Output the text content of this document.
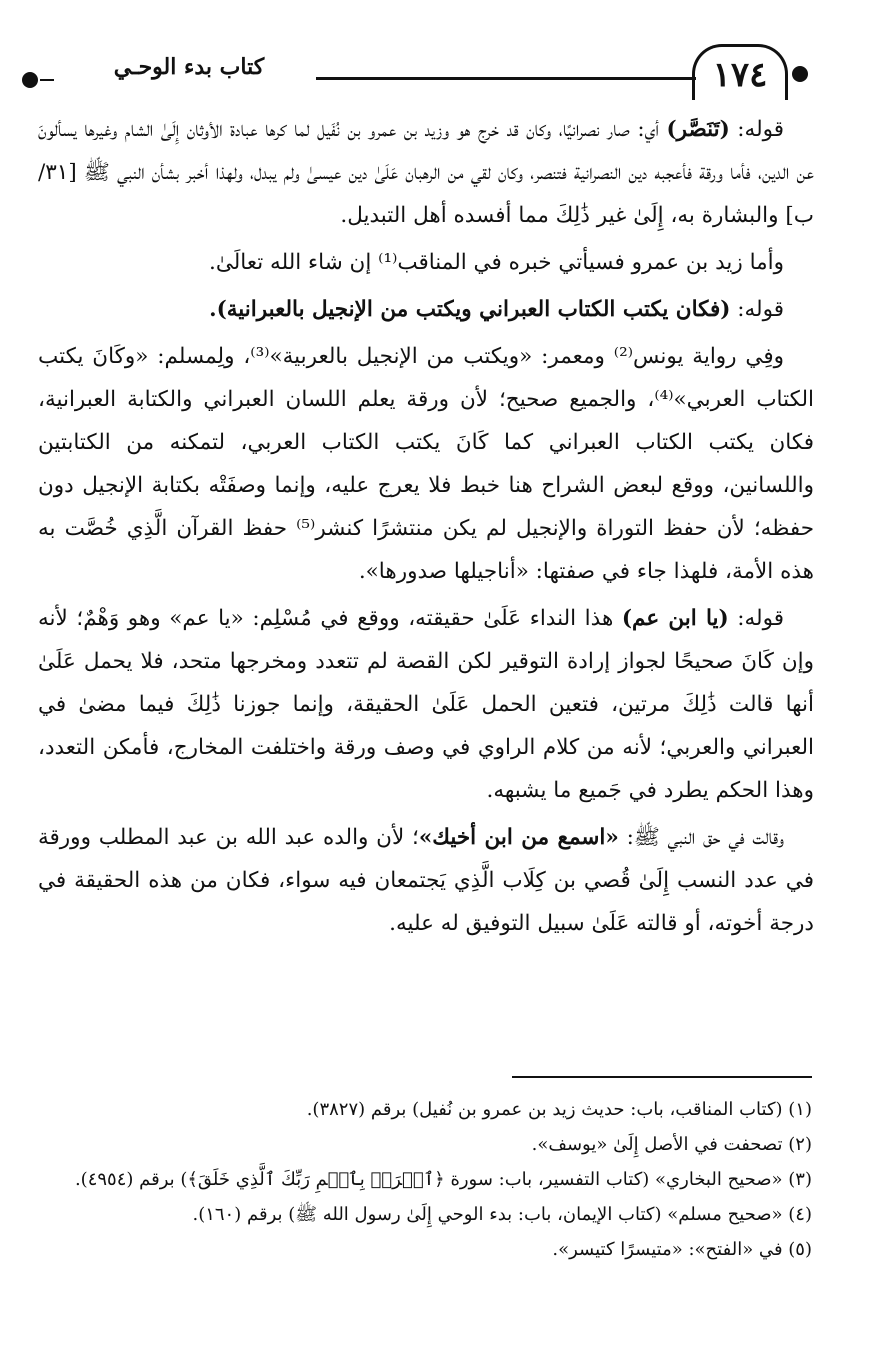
١٧٤
كتاب بدء الوحـي

قوله: (تَنَصَّر) أي: صار نصرانيًا، وكان قد خرج هو وزيد بن عمرو بن نُفَيل لما كرها عبادة الأوثان إِلَىٰ الشام وغيرها يسألونَ عن الدين، فأما ورقة فأعجبه دين النصرانية فتنصر، وكان لقي من الرهبان عَلَىٰ دين عيسىٰ ولم يبدل، ولهذا أخبر بشأن النبي ﷺ [٣١/ب] والبشارة به، إِلَىٰ غير ذَٰلِكَ مما أفسده أهل التبديل.

وأما زيد بن عمرو فسيأتي خبره في المناقب⁽¹⁾ إن شاء الله تعالَىٰ.

قوله: (فكان يكتب الكتاب العبراني ويكتب من الإنجيل بالعبرانية).

وفِي رواية يونس⁽²⁾ ومعمر: «ويكتب من الإنجيل بالعربية»⁽³⁾، ولِمسلم: «وكَانَ يكتب الكتاب العربي»⁽⁴⁾، والجميع صحيح؛ لأن ورقة يعلم اللسان العبراني والكتابة العبرانية، فكان يكتب الكتاب العبراني كما كَانَ يكتب الكتاب العربي، لتمكنه من الكتابتين واللسانين، ووقع لبعض الشراح هنا خبط فلا يعرج عليه، وإنما وصفَتْه بكتابة الإنجيل دون حفظه؛ لأن حفظ التوراة والإنجيل لم يكن منتشرًا كنشر⁽⁵⁾ حفظ القرآن الَّذِي خُصَّت به هذه الأمة، فلهذا جاء في صفتها: «أناجيلها صدورها».

قوله: (يا ابن عم) هذا النداء عَلَىٰ حقيقته، ووقع في مُسْلِم: «يا عم» وهو وَهْمٌ؛ لأنه وإن كَانَ صحيحًا لجواز إرادة التوقير لكن القصة لم تتعدد ومخرجها متحد، فلا يحمل عَلَىٰ أنها قالت ذَٰلِكَ مرتين، فتعين الحمل عَلَىٰ الحقيقة، وإنما جوزنا ذَٰلِكَ فيما مضىٰ في العبراني والعربي؛ لأنه من كلام الراوي في وصف ورقة واختلفت المخارج، فأمكن التعدد، وهذا الحكم يطرد في جَميع ما يشبهه.

وقالت في حق النبي ﷺ: «اسمع من ابن أخيك»؛ لأن والده عبد الله بن عبد المطلب وورقة في عدد النسب إِلَىٰ قُصي بن كِلَاب الَّذِي يَجتمعان فيه سواء، فكان من هذه الحقيقة في درجة أخوته، أو قالته عَلَىٰ سبيل التوفيق له عليه.

(١) (كتاب المناقب، باب: حديث زيد بن عمرو بن نُفيل) برقم (٣٨٢٧).
(٢) تصحفت في الأصل إِلَىٰ «يوسف».
(٣) «صحيح البخاري» (كتاب التفسير، باب: سورة ﴿ٱقۡرَأۡ بِٱسۡمِ رَبِّكَ ٱلَّذِي خَلَقَ﴾) برقم (٤٩٥٤).
(٤) «صحيح مسلم» (كتاب الإيمان، باب: بدء الوحي إِلَىٰ رسول الله ﷺ) برقم (١٦٠).
(٥) في «الفتح»: «متيسرًا كتيسر».
